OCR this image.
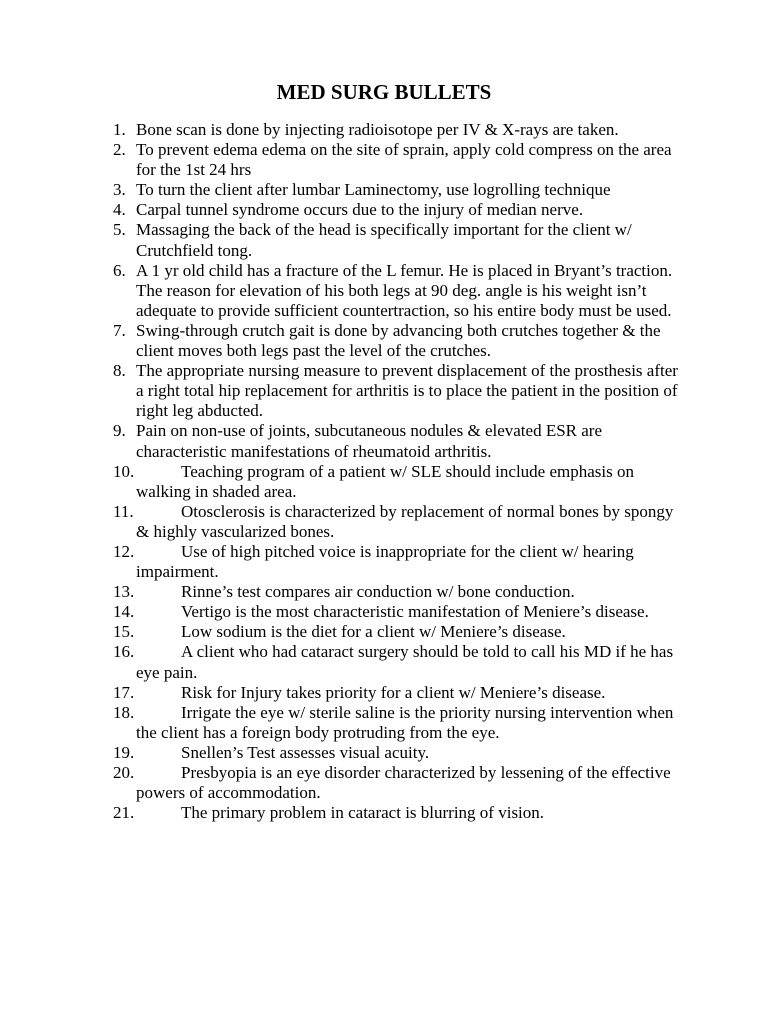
MED SURG BULLETS
1. Bone scan is done by injecting radioisotope per IV & X-rays are taken.
2. To prevent edema edema on the site of sprain, apply cold compress on the area for the 1st 24 hrs
3. To turn the client after lumbar Laminectomy, use logrolling technique
4. Carpal tunnel syndrome occurs due to the injury of median nerve.
5. Massaging the back of the head is specifically important for the client w/ Crutchfield tong.
6. A 1 yr old child has a fracture of the L femur. He is placed in Bryant’s traction. The reason for elevation of his both legs at 90 deg. angle is his weight isn’t adequate to provide sufficient countertraction, so his entire body must be used.
7. Swing-through crutch gait is done by advancing both crutches together & the client moves both legs past the level of the crutches.
8. The appropriate nursing measure to prevent displacement of the prosthesis after a right total hip replacement for arthritis is to place the patient in the position of right leg abducted.
9. Pain on non-use of joints, subcutaneous nodules & elevated ESR are characteristic manifestations of rheumatoid arthritis.
10.	Teaching program of a patient w/ SLE should include emphasis on walking in shaded area.
11.	Otosclerosis is characterized by replacement of normal bones by spongy & highly vascularized bones.
12.	Use of high pitched voice is inappropriate for the client w/ hearing impairment.
13.	Rinne’s test compares air conduction w/ bone conduction.
14.	Vertigo is the most characteristic manifestation of Meniere’s disease.
15.	Low sodium is the diet for a client w/ Meniere’s disease.
16.	A client who had cataract surgery should be told to call his MD if he has eye pain.
17.	Risk for Injury takes priority for a client w/ Meniere’s disease.
18.	Irrigate the eye w/ sterile saline is the priority nursing intervention when the client has a foreign body protruding from the eye.
19.	Snellen’s Test assesses visual acuity.
20.	Presbyopia is an eye disorder characterized by lessening of the effective powers of accommodation.
21.	The primary problem in cataract is blurring of vision.
